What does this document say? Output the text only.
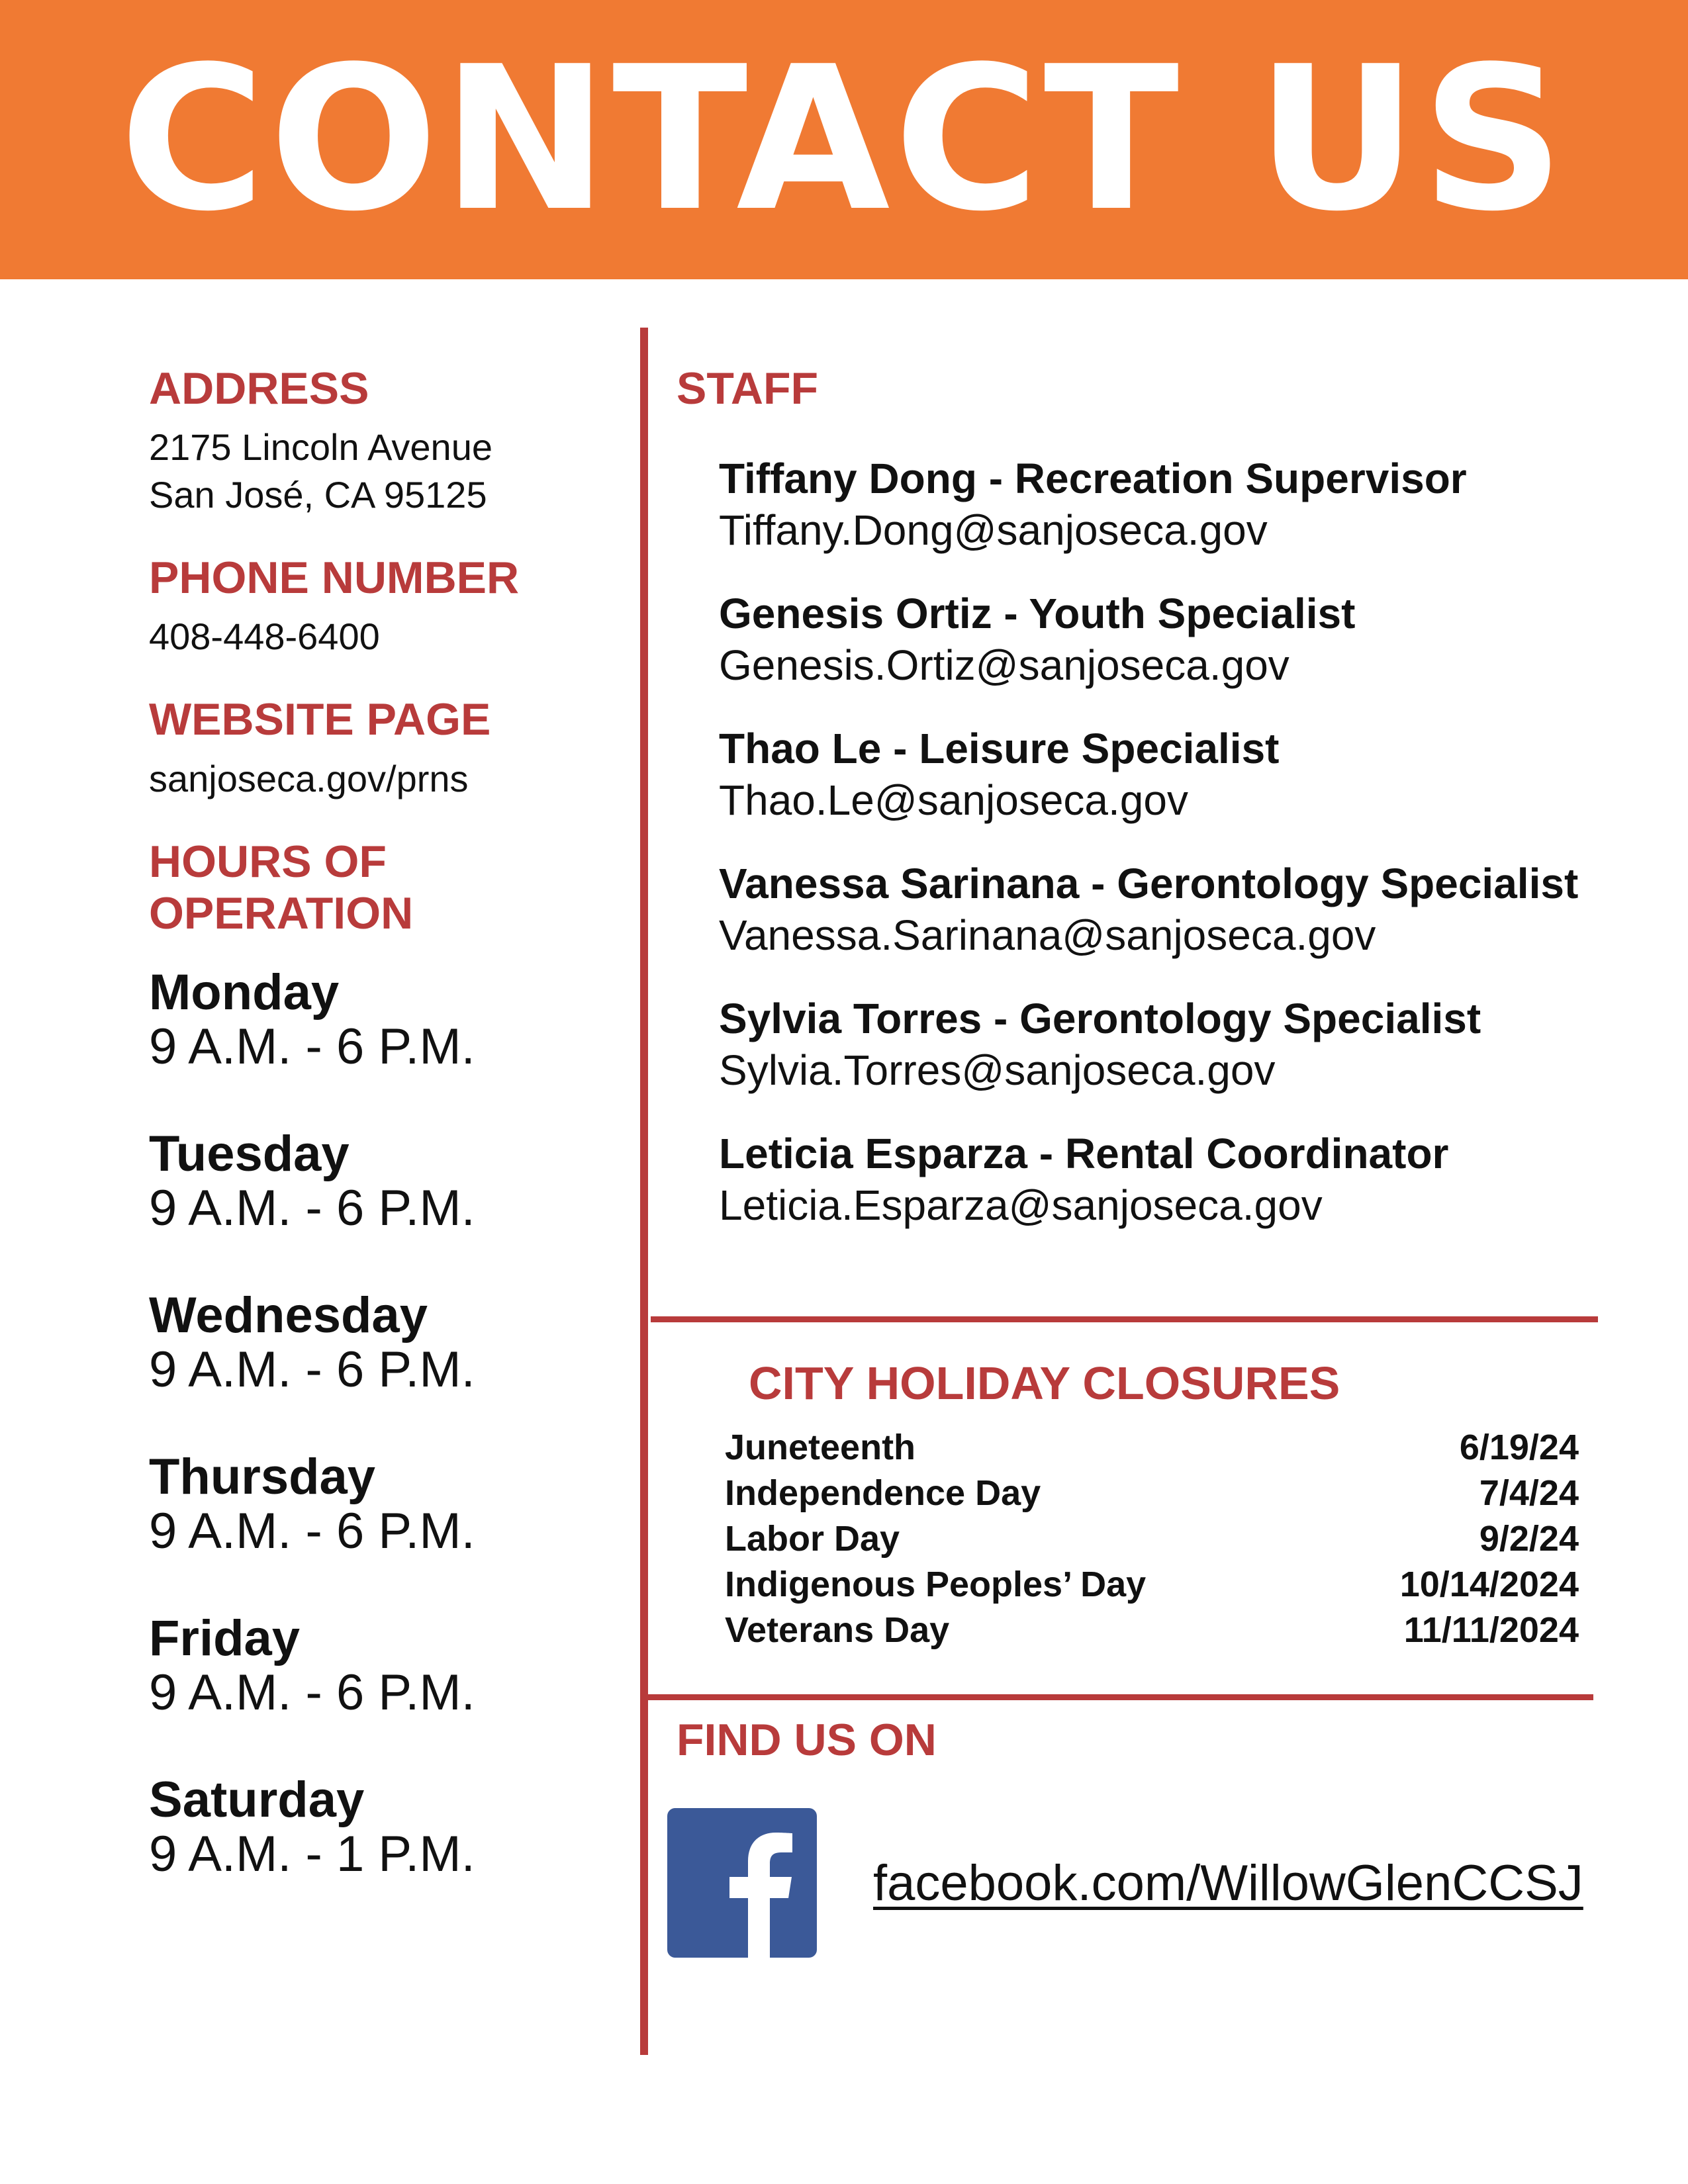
CONTACT US
ADDRESS
2175 Lincoln Avenue
San José, CA 95125
PHONE NUMBER
408-448-6400
WEBSITE PAGE
sanjoseca.gov/prns
HOURS OF
OPERATION
Monday
9 A.M. - 6 P.M.
Tuesday
9 A.M. - 6 P.M.
Wednesday
9 A.M. - 6 P.M.
Thursday
9 A.M. - 6 P.M.
Friday
9 A.M. - 6 P.M.
Saturday
9 A.M. - 1 P.M.
STAFF
Tiffany Dong - Recreation Supervisor
Tiffany.Dong@sanjoseca.gov
Genesis Ortiz - Youth Specialist
Genesis.Ortiz@sanjoseca.gov
Thao Le - Leisure Specialist
Thao.Le@sanjoseca.gov
Vanessa Sarinana - Gerontology Specialist
Vanessa.Sarinana@sanjoseca.gov
Sylvia Torres - Gerontology Specialist
Sylvia.Torres@sanjoseca.gov
Leticia Esparza - Rental Coordinator
Leticia.Esparza@sanjoseca.gov
CITY HOLIDAY CLOSURES
Juneteenth	6/19/24
Independence Day	7/4/24
Labor Day	9/2/24
Indigenous Peoples’ Day	10/14/2024
Veterans Day	11/11/2024
FIND US ON
facebook.com/WillowGlenCCSJ
